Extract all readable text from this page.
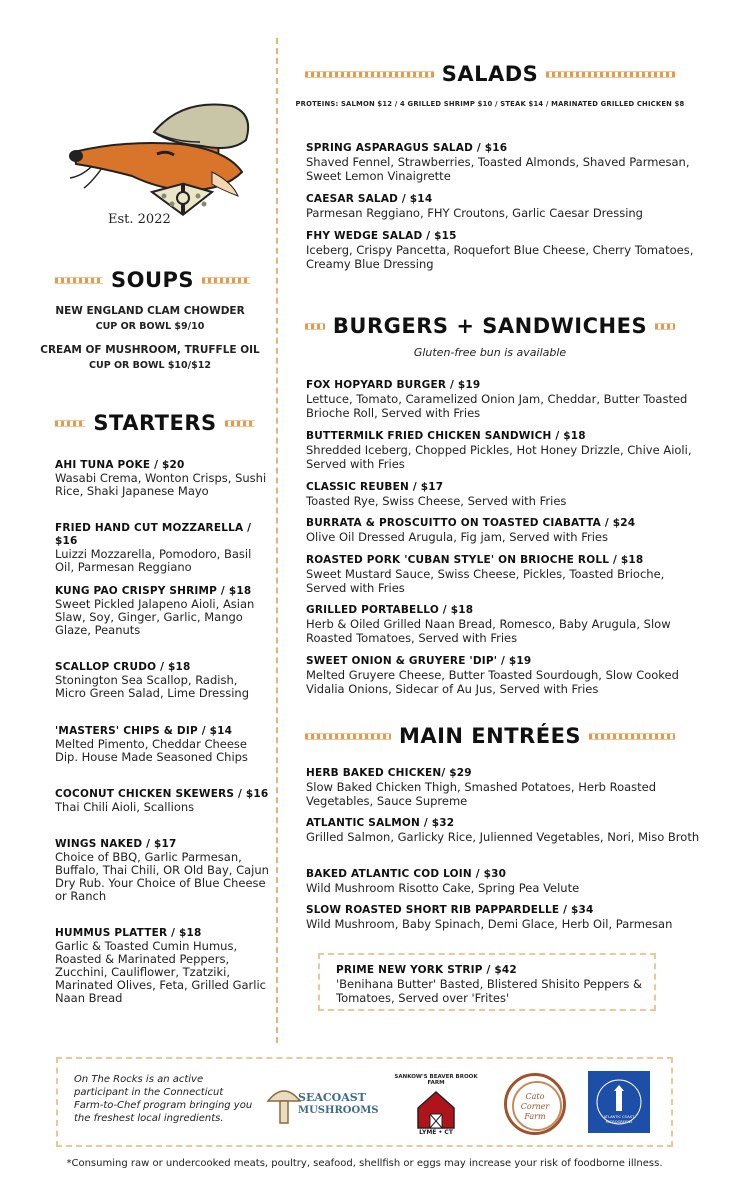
Est. 2022
SOUPS
NEW ENGLAND CLAM CHOWDER
CUP OR BOWL $9/10
CREAM OF MUSHROOM, TRUFFLE OIL
CUP OR BOWL $10/$12
STARTERS
AHI TUNA POKE / $20
Wasabi Crema, Wonton Crisps, Sushi Rice, Shaki Japanese Mayo
FRIED HAND CUT MOZZARELLA / $16
Luizzi Mozzarella, Pomodoro, Basil Oil, Parmesan Reggiano
KUNG PAO CRISPY SHRIMP / $18
Sweet Pickled Jalapeno Aioli, Asian Slaw, Soy, Ginger, Garlic, Mango Glaze, Peanuts
SCALLOP CRUDO / $18
Stonington Sea Scallop, Radish, Micro Green Salad, Lime Dressing
'MASTERS' CHIPS & DIP / $14
Melted Pimento, Cheddar Cheese Dip. House Made Seasoned Chips
COCONUT CHICKEN SKEWERS / $16
Thai Chili Aioli, Scallions
WINGS NAKED / $17
Choice of BBQ, Garlic Parmesan, Buffalo, Thai Chili, OR Old Bay, Cajun Dry Rub. Your Choice of Blue Cheese or Ranch
HUMMUS PLATTER / $18
Garlic & Toasted Cumin Humus, Roasted & Marinated Peppers, Zucchini, Cauliflower, Tzatziki, Marinated Olives, Feta, Grilled Garlic Naan Bread
SALADS
PROTEINS: SALMON $12 / 4 GRILLED SHRIMP $10 / STEAK $14 / MARINATED GRILLED CHICKEN $8
SPRING ASPARAGUS SALAD / $16
Shaved Fennel, Strawberries, Toasted Almonds, Shaved Parmesan, Sweet Lemon Vinaigrette
CAESAR SALAD / $14
Parmesan Reggiano, FHY Croutons, Garlic Caesar Dressing
FHY WEDGE SALAD / $15
Iceberg, Crispy Pancetta, Roquefort Blue Cheese, Cherry Tomatoes, Creamy Blue Dressing
BURGERS + SANDWICHES
Gluten-free bun is available
FOX HOPYARD BURGER / $19
Lettuce, Tomato, Caramelized Onion Jam, Cheddar, Butter Toasted Brioche Roll, Served with Fries
BUTTERMILK FRIED CHICKEN SANDWICH / $18
Shredded Iceberg, Chopped Pickles, Hot Honey Drizzle, Chive Aioli, Served with Fries
CLASSIC REUBEN / $17
Toasted Rye, Swiss Cheese, Served with Fries
BURRATA & PROSCUITTO ON TOASTED CIABATTA / $24
Olive Oil Dressed Arugula, Fig jam, Served with Fries
ROASTED PORK 'CUBAN STYLE' ON BRIOCHE ROLL / $18
Sweet Mustard Sauce, Swiss Cheese, Pickles, Toasted Brioche, Served with Fries
GRILLED PORTABELLO / $18
Herb & Oiled Grilled Naan Bread, Romesco, Baby Arugula, Slow Roasted Tomatoes, Served with Fries
SWEET ONION & GRUYERE 'DIP' / $19
Melted Gruyere Cheese, Butter Toasted Sourdough, Slow Cooked Vidalia Onions, Sidecar of Au Jus, Served with Fries
MAIN ENTRÉES
HERB BAKED CHICKEN/ $29
Slow Baked Chicken Thigh, Smashed Potatoes, Herb Roasted Vegetables, Sauce Supreme
ATLANTIC SALMON / $32
Grilled Salmon, Garlicky Rice, Julienned Vegetables, Nori, Miso Broth
BAKED ATLANTIC COD LOIN / $30
Wild Mushroom Risotto Cake, Spring Pea Velute
SLOW ROASTED SHORT RIB PAPPARDELLE / $34
Wild Mushroom, Baby Spinach, Demi Glace, Herb Oil, Parmesan
PRIME NEW YORK STRIP / $42
'Benihana Butter' Basted, Blistered Shisito Peppers & Tomatoes, Served over 'Frites'
On The Rocks is an active participant in the Connecticut Farm-to-Chef program bringing you the freshest local ingredients.
SEACOAST
MUSHROOMS
SANKOW'S BEAVER BROOK FARM
LYME • CT
Cato Corner Farm	ATLANTIC COAST MICROGREENS
*Consuming raw or undercooked meats, poultry, seafood, shellfish or eggs may increase your risk of foodborne illness.
